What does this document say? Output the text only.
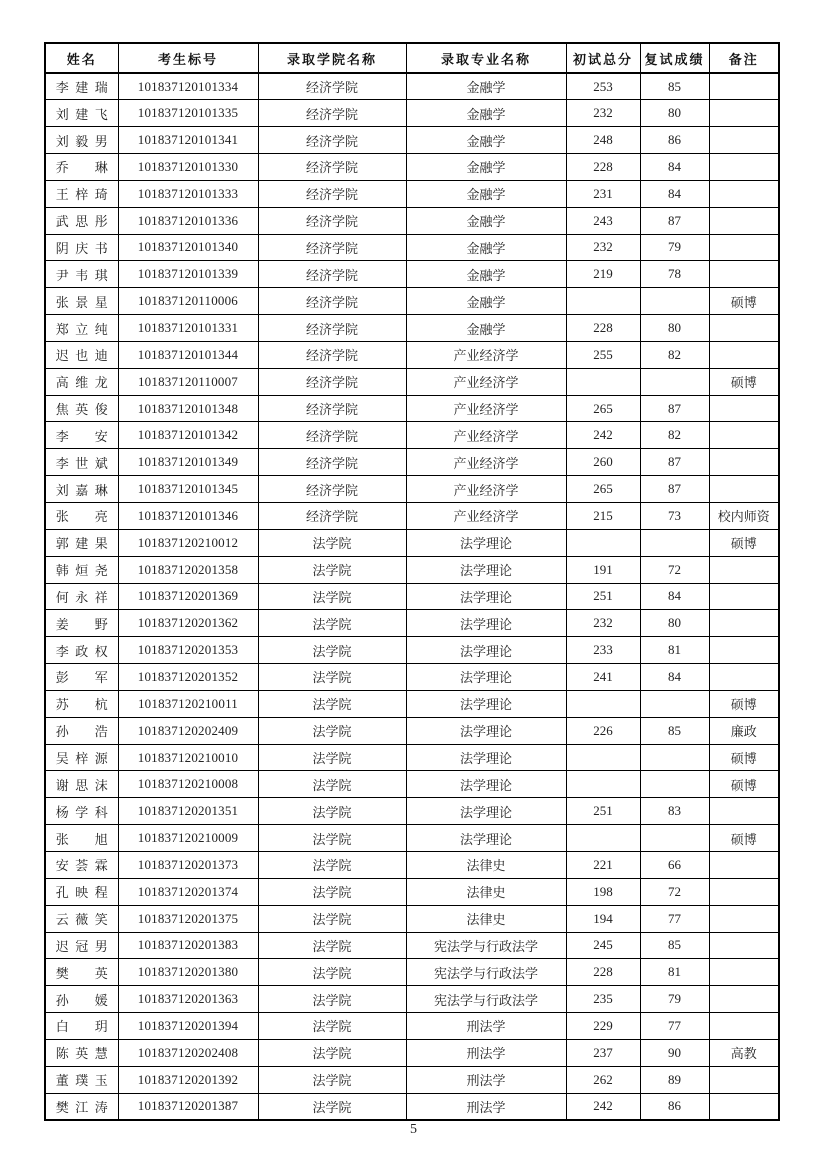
姓名	考生标号	录取学院名称	录取专业名称	初试总分	复试成绩	备注
李建瑞	101837120101334	经济学院	金融学	253	85	
刘建飞	101837120101335	经济学院	金融学	232	80	
刘毅男	101837120101341	经济学院	金融学	248	86	
乔琳	101837120101330	经济学院	金融学	228	84	
王梓琦	101837120101333	经济学院	金融学	231	84	
武思彤	101837120101336	经济学院	金融学	243	87	
阴庆书	101837120101340	经济学院	金融学	232	79	
尹韦琪	101837120101339	经济学院	金融学	219	78	
张景星	101837120110006	经济学院	金融学			硕博
郑立纯	101837120101331	经济学院	金融学	228	80	
迟也迪	101837120101344	经济学院	产业经济学	255	82	
高维龙	101837120110007	经济学院	产业经济学			硕博
焦英俊	101837120101348	经济学院	产业经济学	265	87	
李安	101837120101342	经济学院	产业经济学	242	82	
李世斌	101837120101349	经济学院	产业经济学	260	87	
刘嘉琳	101837120101345	经济学院	产业经济学	265	87	
张亮	101837120101346	经济学院	产业经济学	215	73	校内师资
郭建果	101837120210012	法学院	法学理论			硕博
韩烜尧	101837120201358	法学院	法学理论	191	72	
何永祥	101837120201369	法学院	法学理论	251	84	
姜野	101837120201362	法学院	法学理论	232	80	
李政权	101837120201353	法学院	法学理论	233	81	
彭军	101837120201352	法学院	法学理论	241	84	
苏杭	101837120210011	法学院	法学理论			硕博
孙浩	101837120202409	法学院	法学理论	226	85	廉政
吴梓源	101837120210010	法学院	法学理论			硕博
谢思沫	101837120210008	法学院	法学理论			硕博
杨学科	101837120201351	法学院	法学理论	251	83	
张旭	101837120210009	法学院	法学理论			硕博
安荟霖	101837120201373	法学院	法律史	221	66	
孔映程	101837120201374	法学院	法律史	198	72	
云薇笑	101837120201375	法学院	法律史	194	77	
迟冠男	101837120201383	法学院	宪法学与行政法学	245	85	
樊英	101837120201380	法学院	宪法学与行政法学	228	81	
孙媛	101837120201363	法学院	宪法学与行政法学	235	79	
白玥	101837120201394	法学院	刑法学	229	77	
陈英慧	101837120202408	法学院	刑法学	237	90	高教
董璞玉	101837120201392	法学院	刑法学	262	89	
樊江涛	101837120201387	法学院	刑法学	242	86	
5
